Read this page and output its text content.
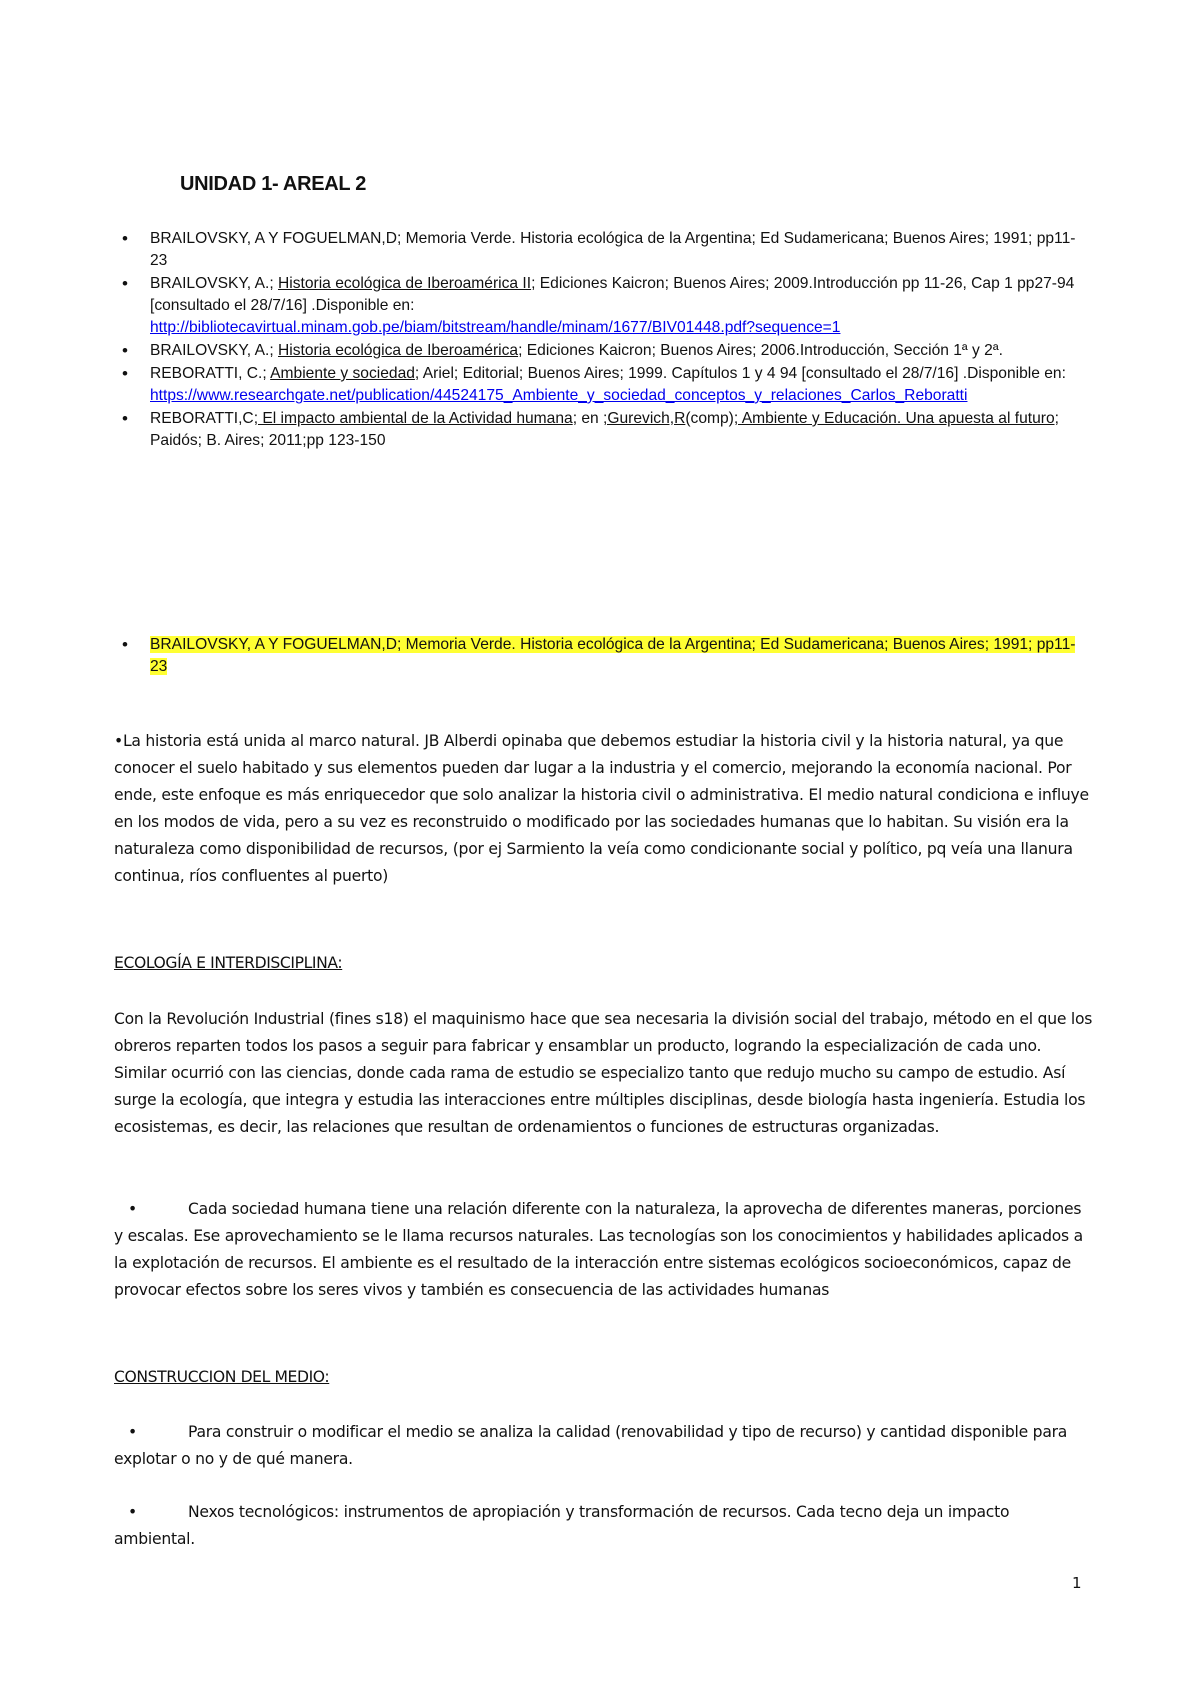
UNIDAD 1- AREAL 2
• BRAILOVSKY, A Y FOGUELMAN,D; Memoria Verde. Historia ecológica de la Argentina; Ed Sudamericana; Buenos Aires; 1991; pp11-23
• BRAILOVSKY, A.; Historia ecológica de Iberoamérica II; Ediciones Kaicron; Buenos Aires; 2009.Introducción pp 11-26, Cap 1 pp27-94 [consultado el 28/7/16] .Disponible en:
http://bibliotecavirtual.minam.gob.pe/biam/bitstream/handle/minam/1677/BIV01448.pdf?sequence=1
• BRAILOVSKY, A.; Historia ecológica de Iberoamérica; Ediciones Kaicron; Buenos Aires; 2006.Introducción, Sección 1ª y 2ª.
• REBORATTI, C.; Ambiente y sociedad; Ariel; Editorial; Buenos Aires; 1999. Capítulos 1 y 4 94 [consultado el 28/7/16] .Disponible en:
https://www.researchgate.net/publication/44524175_Ambiente_y_sociedad_conceptos_y_relaciones_Carlos_Reboratti
• REBORATTI,C; El impacto ambiental de la Actividad humana; en ;Gurevich,R(comp); Ambiente y Educación. Una apuesta al futuro; Paidós; B. Aires; 2011;pp 123-150
•	BRAILOVSKY, A Y FOGUELMAN,D; Memoria Verde. Historia ecológica de la Argentina; Ed Sudamericana; Buenos Aires; 1991; pp11-23

•La historia está unida al marco natural. JB Alberdi opinaba que debemos estudiar la historia civil y la historia natural, ya que conocer el suelo habitado y sus elementos pueden dar lugar a la industria y el comercio, mejorando la economía nacional. Por ende, este enfoque es más enriquecedor que solo analizar la historia civil o administrativa. El medio natural condiciona e influye en los modos de vida, pero a su vez es reconstruido o modificado por las sociedades humanas que lo habitan. Su visión era la naturaleza como disponibilidad de recursos, (por ej Sarmiento la veía como condicionante social y político, pq veía una llanura continua, ríos confluentes al puerto)

ECOLOGÍA E INTERDISCIPLINA:

Con la Revolución Industrial (fines s18) el maquinismo hace que sea necesaria la división social del trabajo, método en el que los obreros reparten todos los pasos a seguir para fabricar y ensamblar un producto, logrando la especialización de cada uno. Similar ocurrió con las ciencias, donde cada rama de estudio se especializo tanto que redujo mucho su campo de estudio. Así surge la ecología, que integra y estudia las interacciones entre múltiples disciplinas, desde biología hasta ingeniería. Estudia los ecosistemas, es decir, las relaciones que resultan de ordenamientos o funciones de estructuras organizadas.

•	Cada sociedad humana tiene una relación diferente con la naturaleza, la aprovecha de diferentes maneras, porciones y escalas. Ese aprovechamiento se le llama recursos naturales. Las tecnologías son los conocimientos y habilidades aplicados a la explotación de recursos. El ambiente es el resultado de la interacción entre sistemas ecológicos socioeconómicos, capaz de provocar efectos sobre los seres vivos y también es consecuencia de las actividades humanas

CONSTRUCCION DEL MEDIO:

•	Para construir o modificar el medio se analiza la calidad (renovabilidad y tipo de recurso) y cantidad disponible para explotar o no y de qué manera.

•	Nexos tecnológicos: instrumentos de apropiación y transformación de recursos. Cada tecno deja un impacto ambiental.

1
